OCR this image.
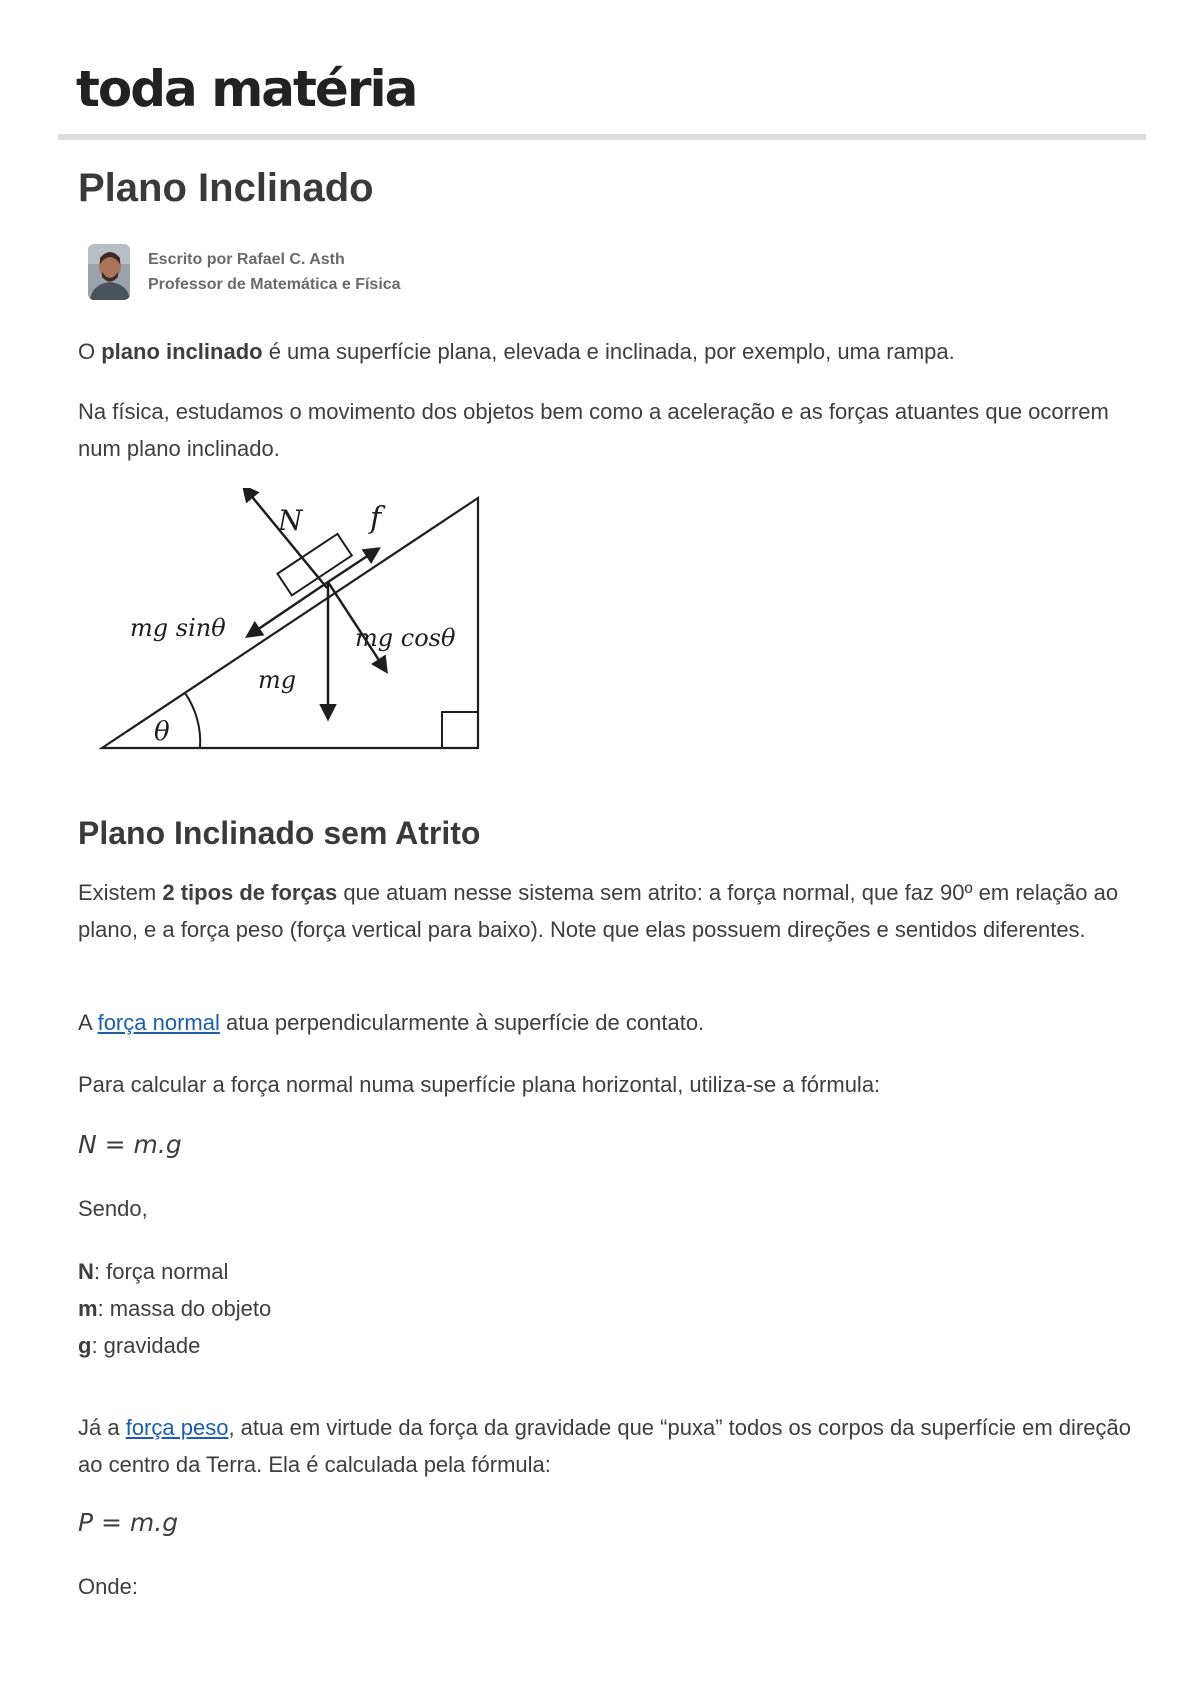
toda matéria
Plano Inclinado
Escrito por Rafael C. Asth
Professor de Matemática e Física

O plano inclinado é uma superfície plana, elevada e inclinada, por exemplo, uma rampa.

Na física, estudamos o movimento dos objetos bem como a aceleração e as forças atuantes que ocorrem num plano inclinado.

N f
mg sinθ	mg cosθ
mg
θ
Plano Inclinado sem Atrito

Existem 2 tipos de forças que atuam nesse sistema sem atrito: a força normal, que faz 90º em relação ao plano, e a força peso (força vertical para baixo). Note que elas possuem direções e sentidos diferentes.

A força normal atua perpendicularmente à superfície de contato.

Para calcular a força normal numa superfície plana horizontal, utiliza-se a fórmula:

N = m.g

Sendo,

N: força normal

m: massa do objeto

g: gravidade

Já a força peso, atua em virtude da força da gravidade que “puxa” todos os corpos da superfície em direção ao centro da Terra. Ela é calculada pela fórmula:

P = m.g

Onde:
